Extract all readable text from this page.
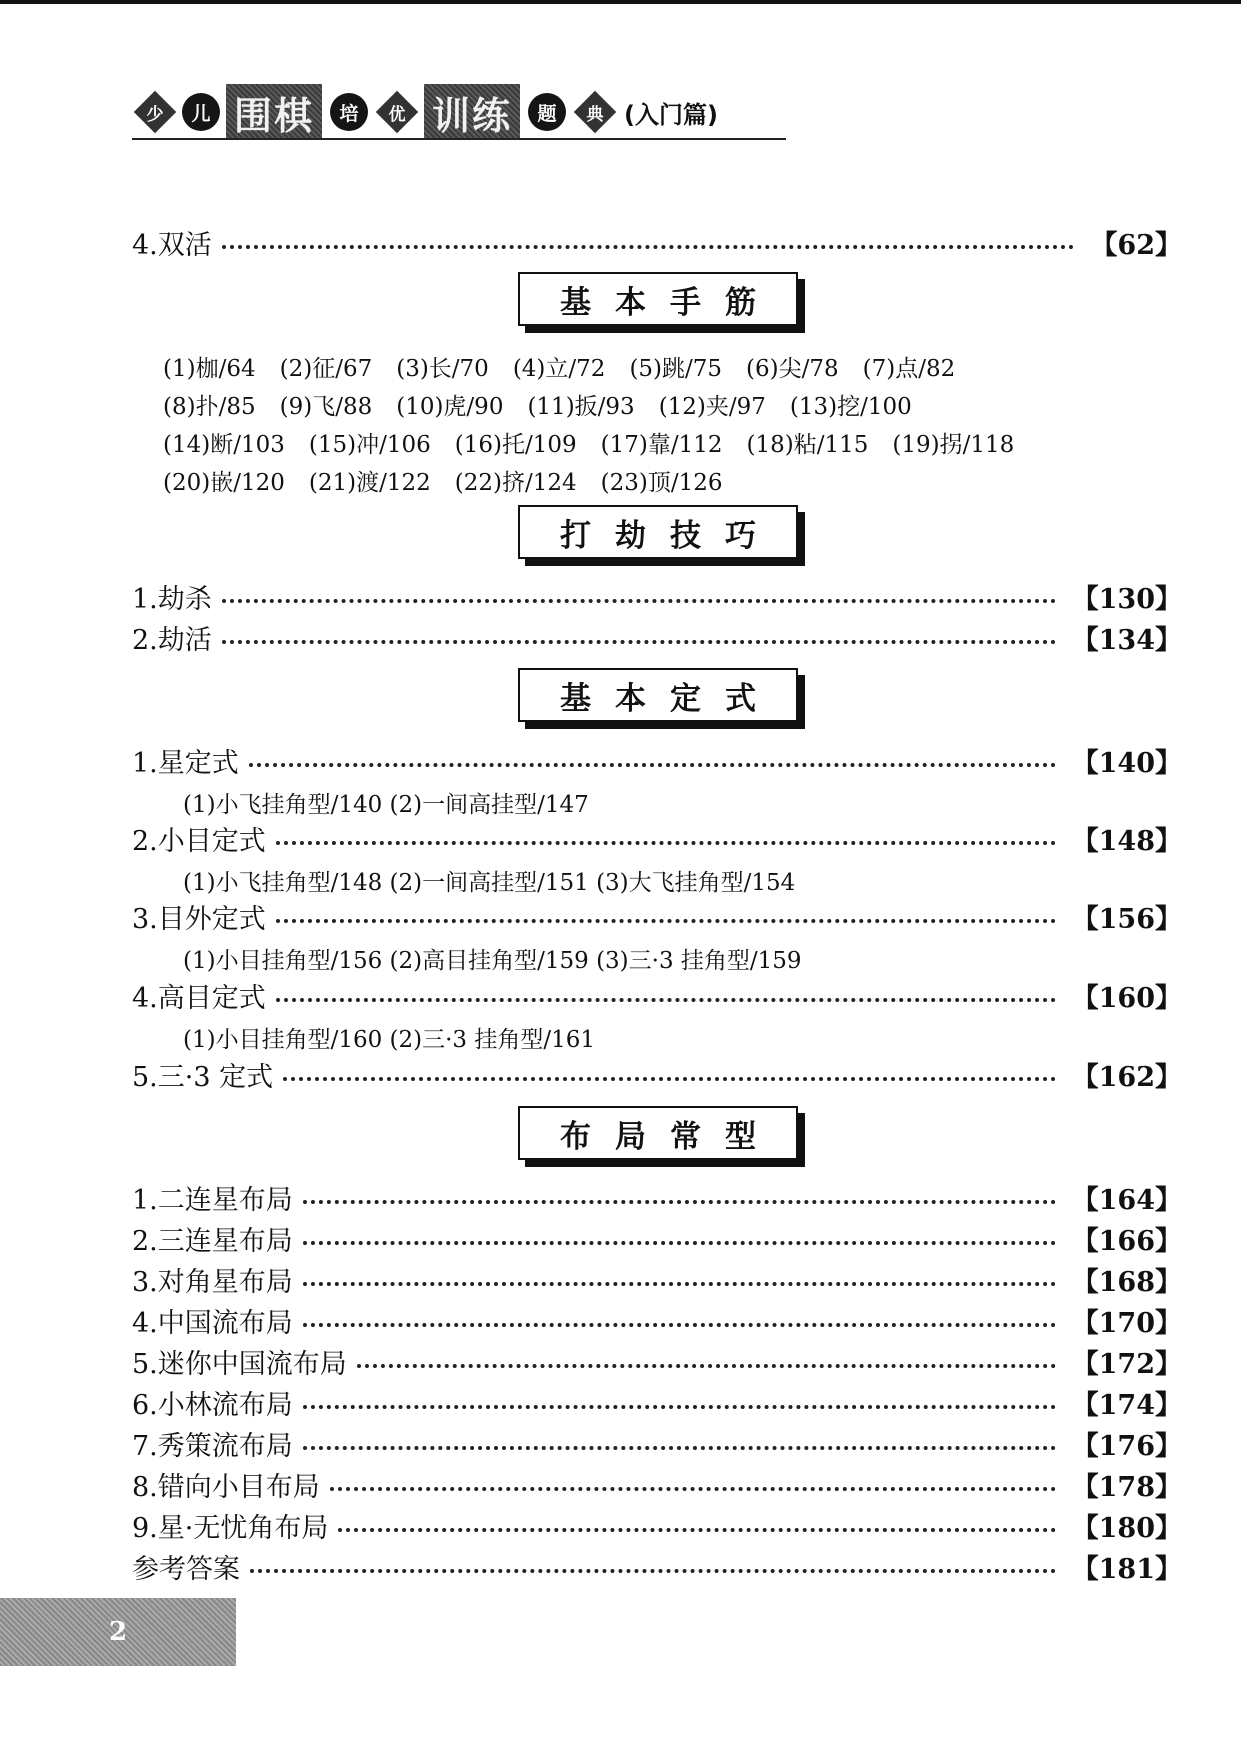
少	儿 围棋	培	优 训练	题	典 (入门篇)
4.双活	【62】
基本手筋
(1)枷/64 (2)征/67 (3)长/70 (4)立/72 (5)跳/75 (6)尖/78 (7)点/82
(8)扑/85 (9)飞/88 (10)虎/90 (11)扳/93 (12)夹/97 (13)挖/100
(14)断/103 (15)冲/106 (16)托/109 (17)靠/112 (18)粘/115 (19)拐/118
(20)嵌/120 (21)渡/122 (22)挤/124 (23)顶/126
打劫技巧
1.劫杀	【130】
2.劫活	【134】
基本定式
1.星定式	【140】
(1)小飞挂角型/140 (2)一间高挂型/147
2.小目定式	【148】
(1)小飞挂角型/148 (2)一间高挂型/151 (3)大飞挂角型/154
3.目外定式	【156】
(1)小目挂角型/156 (2)高目挂角型/159 (3)三·3 挂角型/159
4.高目定式	【160】
(1)小目挂角型/160 (2)三·3 挂角型/161
5.三·3 定式	【162】
布局常型
1.二连星布局	【164】
2.三连星布局	【166】
3.对角星布局	【168】
4.中国流布局	【170】
5.迷你中国流布局	【172】
6.小林流布局	【174】
7.秀策流布局	【176】
8.错向小目布局	【178】
9.星·无忧角布局	【180】
参考答案	【181】
2
